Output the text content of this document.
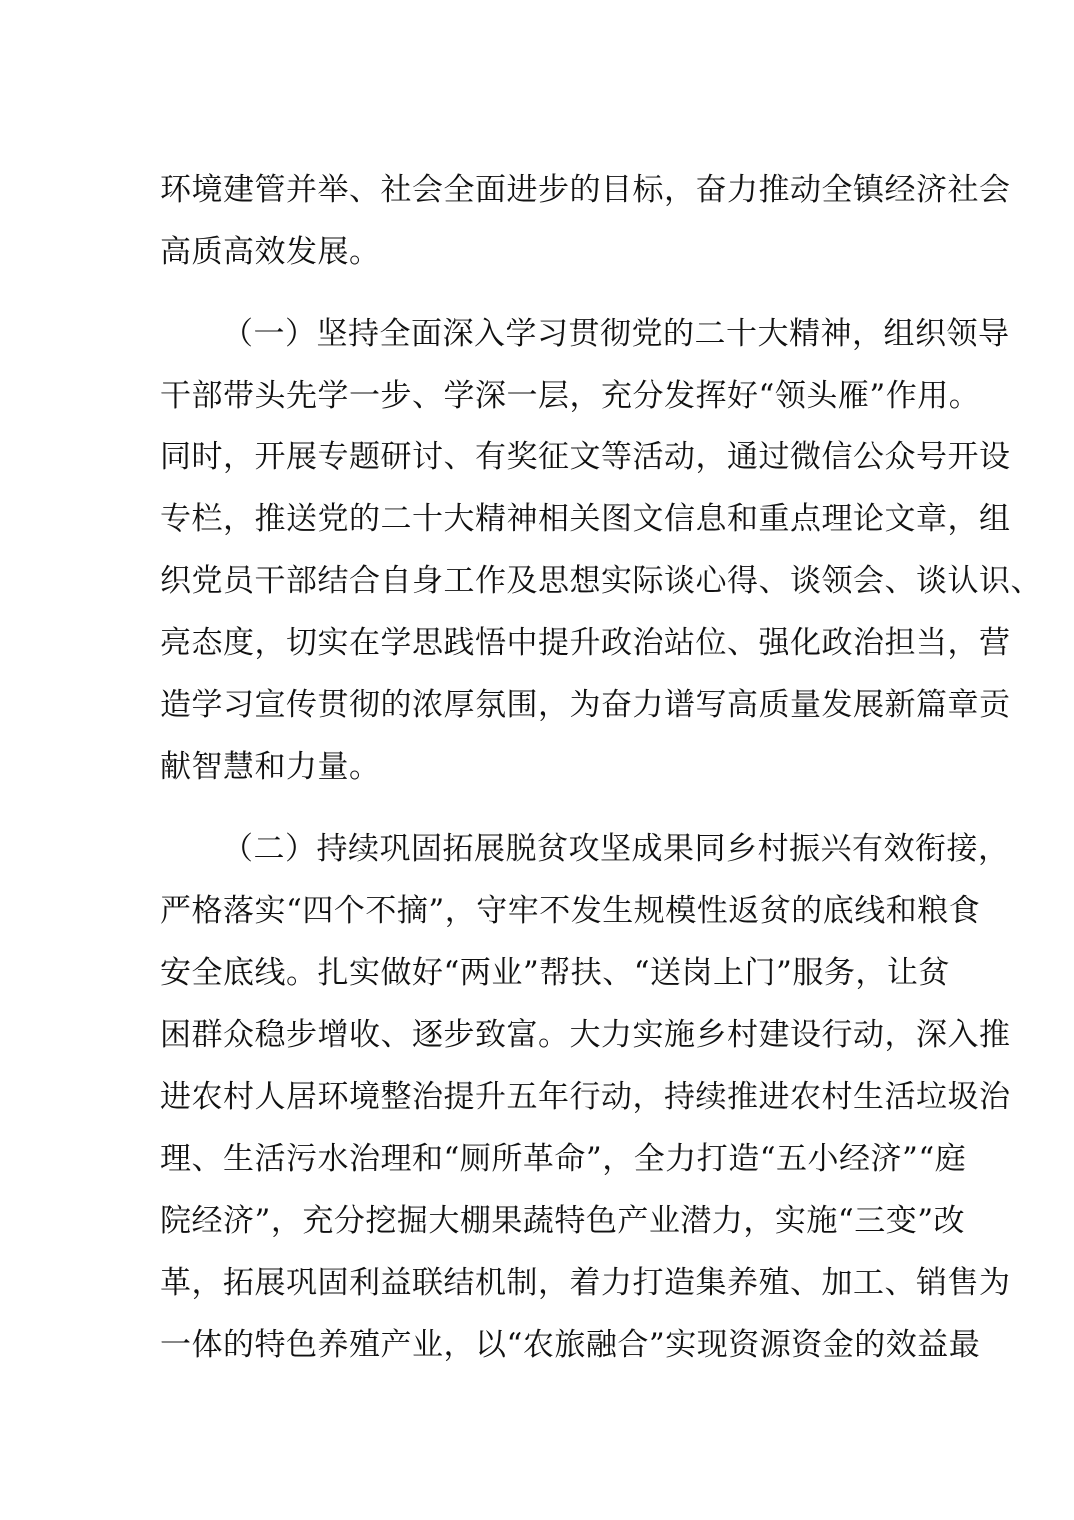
环境建管并举、社会全面进步的目标，奋力推动全镇经济社会
高质高效发展。
（一）坚持全面深入学习贯彻党的二十大精神，组织领导
干部带头先学一步、学深一层，充分发挥好“领头雁”作用。
同时，开展专题研讨、有奖征文等活动，通过微信公众号开设
专栏，推送党的二十大精神相关图文信息和重点理论文章，组
织党员干部结合自身工作及思想实际谈心得、谈领会、谈认识、
亮态度，切实在学思践悟中提升政治站位、强化政治担当，营
造学习宣传贯彻的浓厚氛围，为奋力谱写高质量发展新篇章贡
献智慧和力量。
（二）持续巩固拓展脱贫攻坚成果同乡村振兴有效衔接，
严格落实“四个不摘”，守牢不发生规模性返贫的底线和粮食
安全底线。扎实做好“两业”帮扶、“送岗上门”服务，让贫
困群众稳步增收、逐步致富。大力实施乡村建设行动，深入推
进农村人居环境整治提升五年行动，持续推进农村生活垃圾治
理、生活污水治理和“厕所革命”，全力打造“五小经济”“庭
院经济”，充分挖掘大棚果蔬特色产业潜力，实施“三变”改
革，拓展巩固利益联结机制，着力打造集养殖、加工、销售为
一体的特色养殖产业，以“农旅融合”实现资源资金的效益最
